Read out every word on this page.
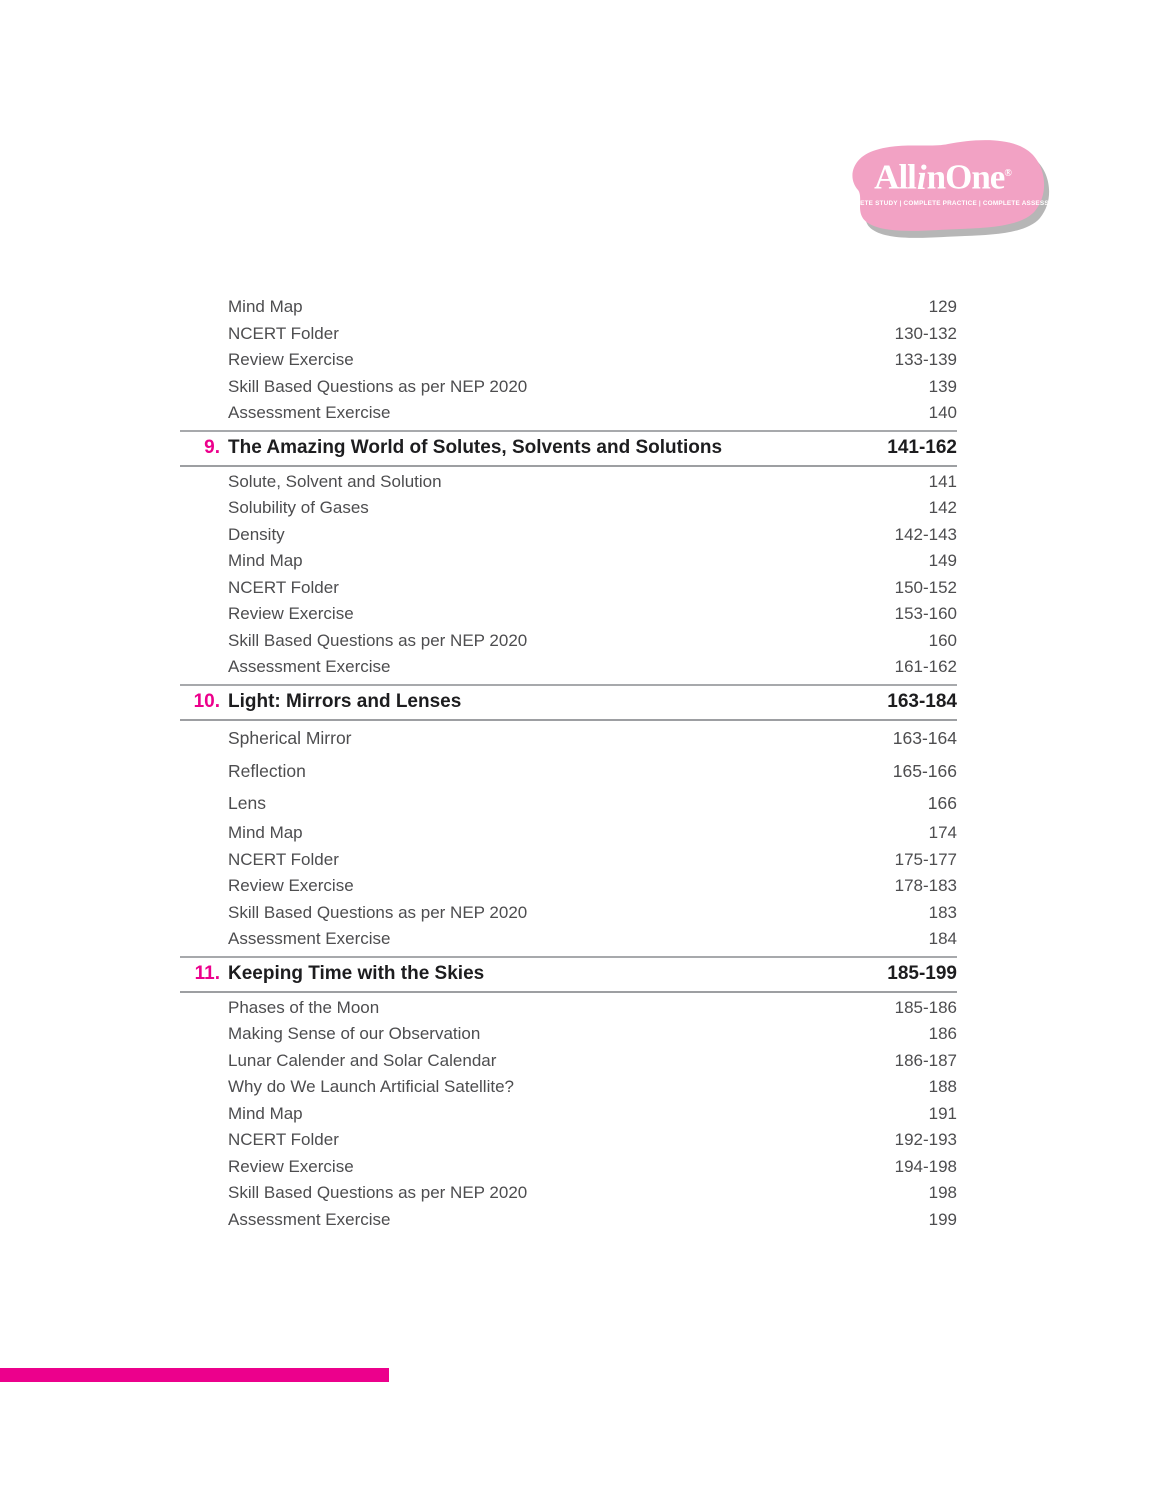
AllinOne®
COMPLETE STUDY | COMPLETE PRACTICE | COMPLETE ASSESSMENT
Mind Map	129
NCERT Folder	130-132
Review Exercise	133-139
Skill Based Questions as per NEP 2020	139
Assessment Exercise	140
9. The Amazing World of Solutes, Solvents and Solutions	141-162
Solute, Solvent and Solution	141
Solubility of Gases	142
Density	142-143
Mind Map	149
NCERT Folder	150-152
Review Exercise	153-160
Skill Based Questions as per NEP 2020	160
Assessment Exercise	161-162
10. Light: Mirrors and Lenses	163-184
Spherical Mirror	163-164
Reflection	165-166
Lens	166
Mind Map	174
NCERT Folder	175-177
Review Exercise	178-183
Skill Based Questions as per NEP 2020	183
Assessment Exercise	184
11. Keeping Time with the Skies	185-199
Phases of the Moon	185-186
Making Sense of our Observation	186
Lunar Calender and Solar Calendar	186-187
Why do We Launch Artificial Satellite?	188
Mind Map	191
NCERT Folder	192-193
Review Exercise	194-198
Skill Based Questions as per NEP 2020	198
Assessment Exercise	199
